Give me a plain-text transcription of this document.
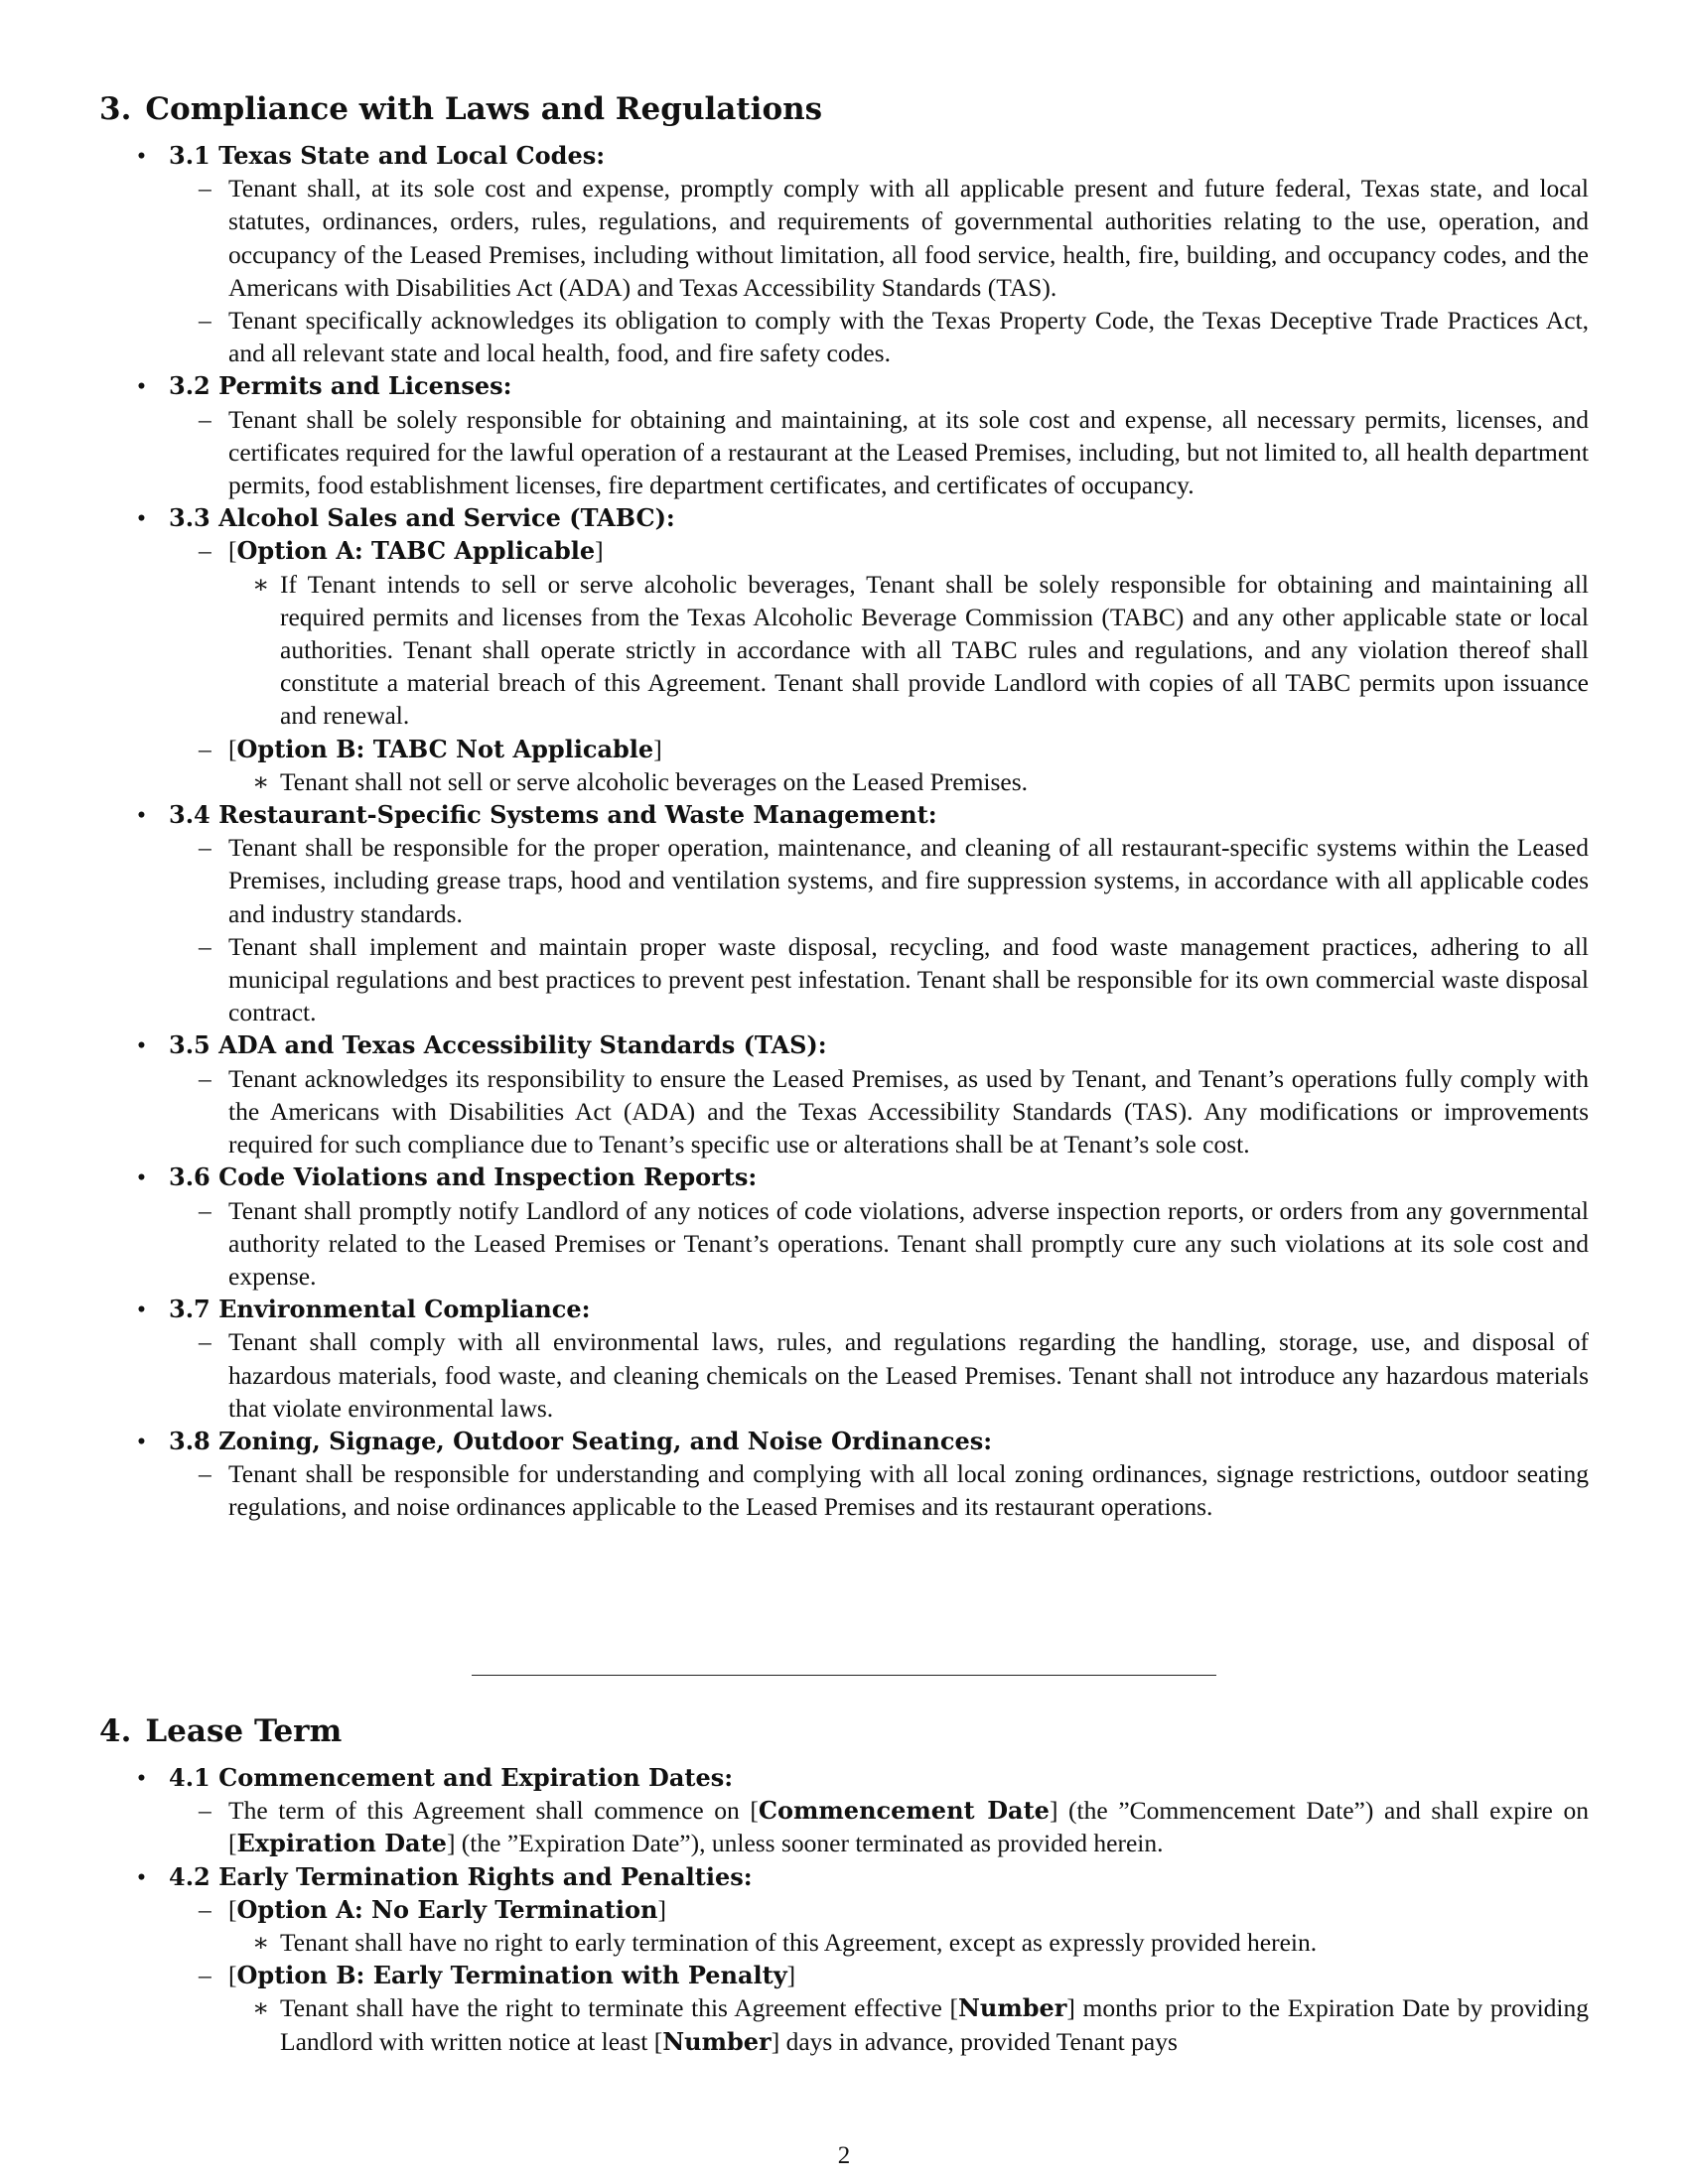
3. Compliance with Laws and Regulations
• 3.1 Texas State and Local Codes:
– Tenant shall, at its sole cost and expense, promptly comply with all applicable present and future federal, Texas state, and local statutes, ordinances, orders, rules, regulations, and requirements of governmental authorities relating to the use, operation, and occupancy of the Leased Premises, including without limitation, all food service, health, fire, building, and occupancy codes, and the Americans with Disabilities Act (ADA) and Texas Accessibility Standards (TAS).
– Tenant specifically acknowledges its obligation to comply with the Texas Property Code, the Texas Deceptive Trade Practices Act, and all relevant state and local health, food, and fire safety codes.
• 3.2 Permits and Licenses:
– Tenant shall be solely responsible for obtaining and maintaining, at its sole cost and expense, all necessary permits, licenses, and certificates required for the lawful operation of a restaurant at the Leased Premises, including, but not limited to, all health department permits, food establishment licenses, fire department certificates, and certificates of occupancy.
• 3.3 Alcohol Sales and Service (TABC):
– [Option A: TABC Applicable]
∗ If Tenant intends to sell or serve alcoholic beverages, Tenant shall be solely responsible for obtaining and maintaining all required permits and licenses from the Texas Alcoholic Beverage Commission (TABC) and any other applicable state or local authorities. Tenant shall operate strictly in accordance with all TABC rules and regulations, and any violation thereof shall constitute a material breach of this Agreement. Tenant shall provide Landlord with copies of all TABC permits upon issuance and renewal.
– [Option B: TABC Not Applicable]
∗ Tenant shall not sell or serve alcoholic beverages on the Leased Premises.
• 3.4 Restaurant-Specific Systems and Waste Management:
– Tenant shall be responsible for the proper operation, maintenance, and cleaning of all restaurant-specific systems within the Leased Premises, including grease traps, hood and ventilation systems, and fire suppression systems, in accordance with all applicable codes and industry standards.
– Tenant shall implement and maintain proper waste disposal, recycling, and food waste management practices, adhering to all municipal regulations and best practices to prevent pest infestation. Tenant shall be responsible for its own commercial waste disposal contract.
• 3.5 ADA and Texas Accessibility Standards (TAS):
– Tenant acknowledges its responsibility to ensure the Leased Premises, as used by Tenant, and Tenant’s operations fully comply with the Americans with Disabilities Act (ADA) and the Texas Accessibility Standards (TAS). Any modifications or improvements required for such compliance due to Tenant’s specific use or alterations shall be at Tenant’s sole cost.
• 3.6 Code Violations and Inspection Reports:
– Tenant shall promptly notify Landlord of any notices of code violations, adverse inspection reports, or orders from any governmental authority related to the Leased Premises or Tenant’s operations. Tenant shall promptly cure any such violations at its sole cost and expense.
• 3.7 Environmental Compliance:
– Tenant shall comply with all environmental laws, rules, and regulations regarding the handling, storage, use, and disposal of hazardous materials, food waste, and cleaning chemicals on the Leased Premises. Tenant shall not introduce any hazardous materials that violate environmental laws.
• 3.8 Zoning, Signage, Outdoor Seating, and Noise Ordinances:
– Tenant shall be responsible for understanding and complying with all local zoning ordinances, signage restrictions, outdoor seating regulations, and noise ordinances applicable to the Leased Premises and its restaurant operations.
4. Lease Term
• 4.1 Commencement and Expiration Dates:
– The term of this Agreement shall commence on [Commencement Date] (the ”Commencement Date”) and shall expire on [Expiration Date] (the ”Expiration Date”), unless sooner terminated as provided herein.
• 4.2 Early Termination Rights and Penalties:
– [Option A: No Early Termination]
∗ Tenant shall have no right to early termination of this Agreement, except as expressly provided herein.
– [Option B: Early Termination with Penalty]
∗ Tenant shall have the right to terminate this Agreement effective [Number] months prior to the Expiration Date by providing Landlord with written notice at least [Number] days in advance, provided Tenant pays
2
